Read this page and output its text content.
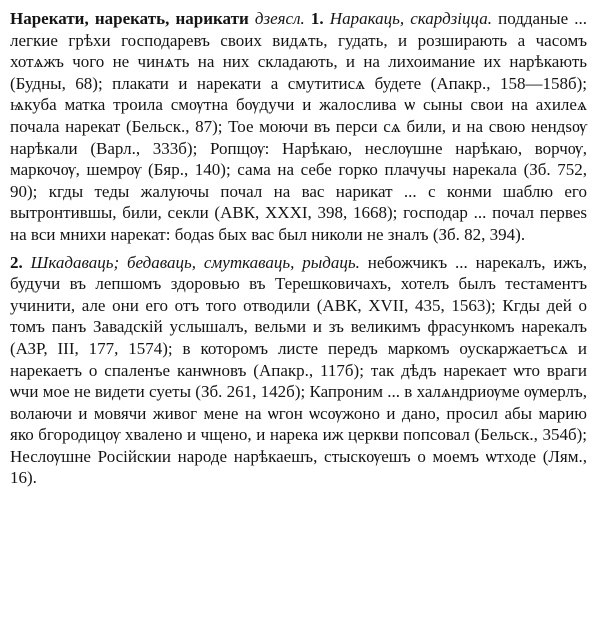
Нарекати, нарекать, нарикати дзеясл. 1. Наракаць, скардзіцца. подданые ... легкие грѣхи господаревъ своих видѧть, гудать, и розширають а часомъ хотѧжъ чого не чинѧть на них складають, и на лихоимание их нарѣкають (Будны, 68); плакати и нарекати а смутитисѧ будете (Апакр., 158—158б); ѩкуба матка троила смѹтна бѹдучи и жалослива ѡ сыны свои на ахилеѧ почала нарекат (Бельск., 87); Тое моючи въ перси сѧ били, и на свою нендѕѹ нарѣкали (Варл., 333б); Ропщѹ: Нарѣкаю, неслѹшне нарѣкаю, ворчѹ, маркочѹ, шемрѹ (Бяр., 140); сама на себе горко плачучы нарекала (Зб. 752, 90); кгды теды жалуючы почал на вас нарикат ... с конми шаблю его вытронтившы, били, секли (АВК, XXXI, 398, 1668); господар ... почал первеѕ на вси мнихи нарекат: бодаѕ бых вас был николи не зналъ (Зб. 82, 394).

2. Шкадаваць; бедаваць, смуткаваць, рыдаць. небожчикъ ... нарекалъ, ижъ, будучи въ лепшомъ здоровью въ Терешковичахъ, хотелъ былъ тестаментъ учинити, але они его отъ того отводили (АВК, XVII, 435, 1563); Кгды дей о томъ панъ Завадскій услышалъ, вельми и зъ великимъ фрасункомъ нарекалъ (АЗР, III, 177, 1574); в которомъ листе передъ маркомъ оускаржаетъсѧ и нарекаетъ о спаленъе канѡновъ (Апакр., 117б); так дѣдъ нарекает ѡто враги ѡчи мое не видети суеты (Зб. 261, 142б); Капроним ... в халѧндриѹме ѹмерлъ, волаючи и мовячи живог мене на ѡгон ѡсѹжоно и дано, просил абы марию яко бгородицѹ хвалено и чщено, и нарека иж церкви попсовал (Бельск., 354б); Неслѹшне Російскии народе нарѣкаешъ, стыскѹешъ о моемъ ѡтходе (Лям., 16).
